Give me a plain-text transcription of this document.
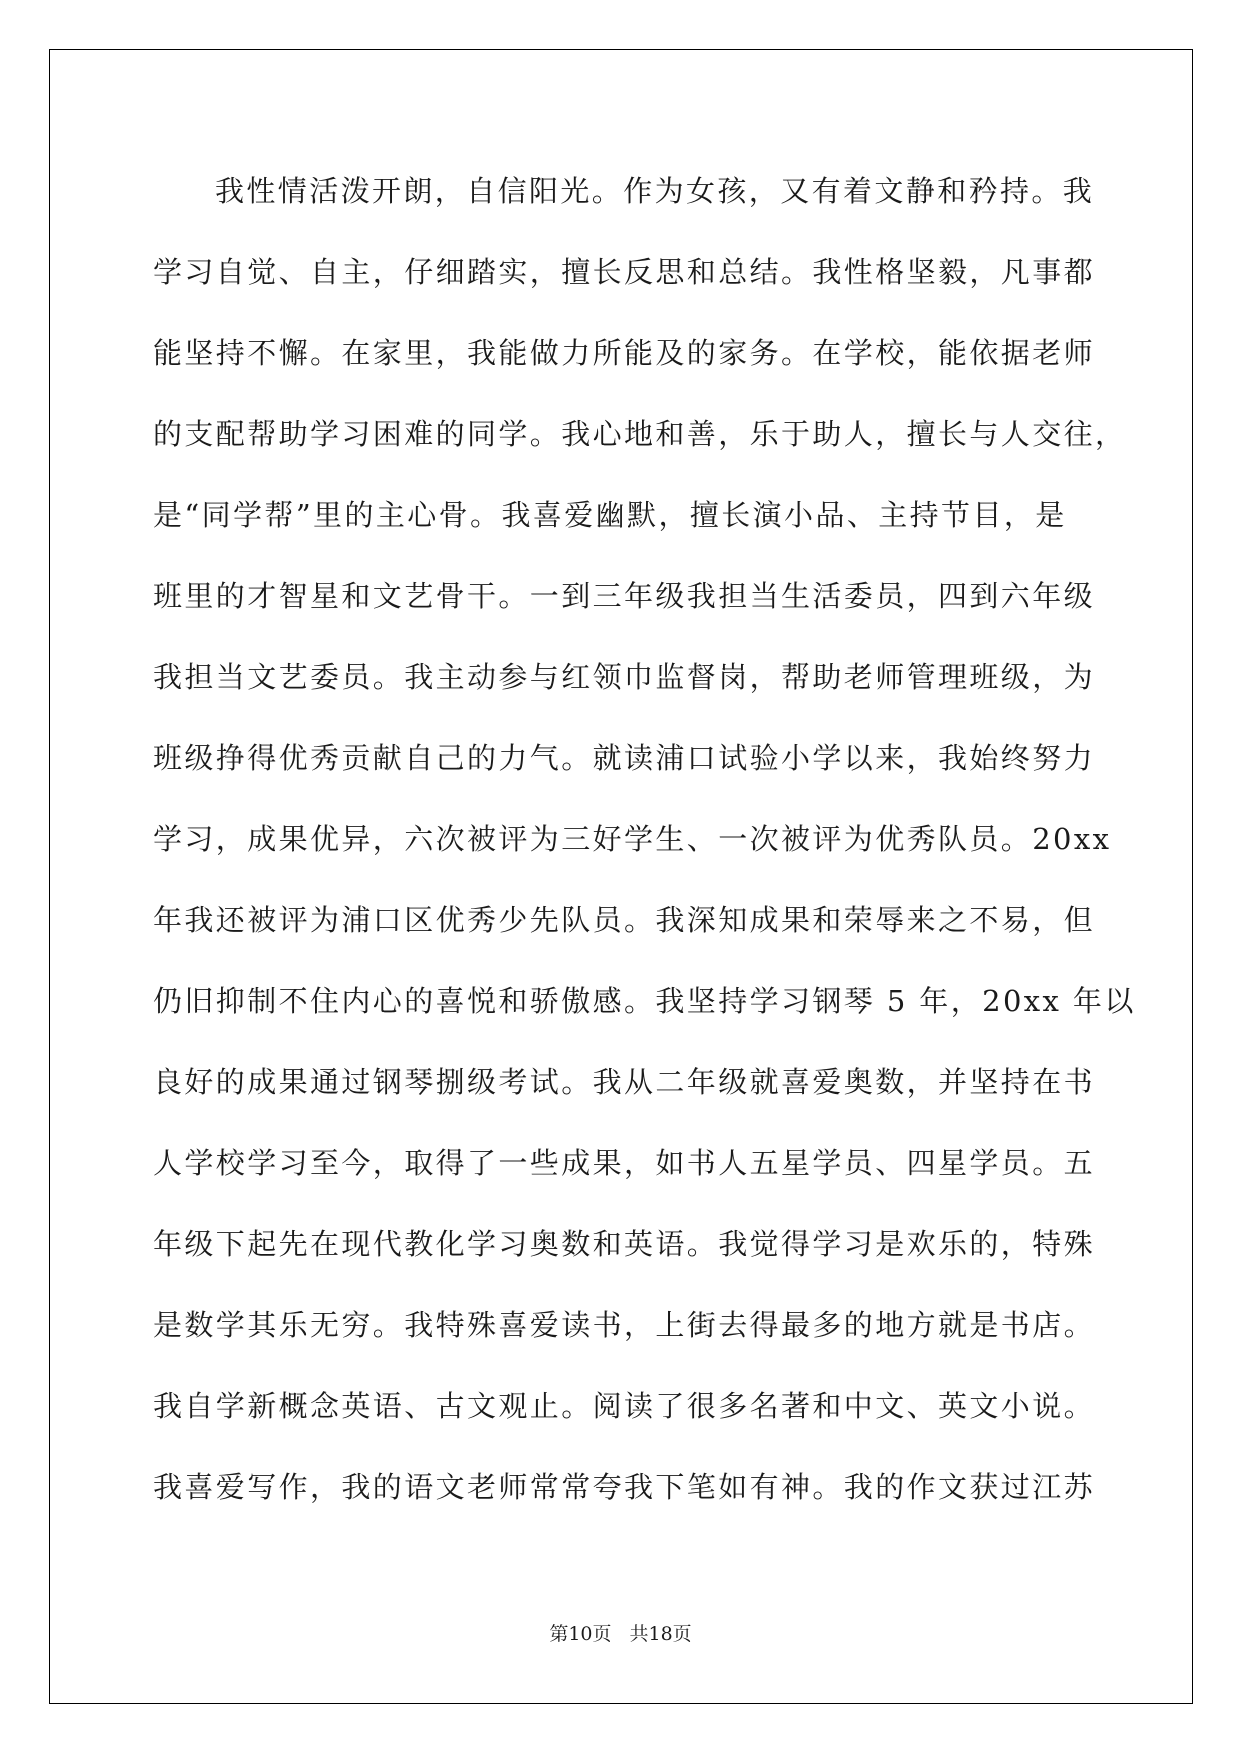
我性情活泼开朗，自信阳光。作为女孩，又有着文静和矜持。我
学习自觉、自主，仔细踏实，擅长反思和总结。我性格坚毅，凡事都
能坚持不懈。在家里，我能做力所能及的家务。在学校，能依据老师
的支配帮助学习困难的同学。我心地和善，乐于助人，擅长与人交往，
是“同学帮”里的主心骨。我喜爱幽默，擅长演小品、主持节目，是
班里的才智星和文艺骨干。一到三年级我担当生活委员，四到六年级
我担当文艺委员。我主动参与红领巾监督岗，帮助老师管理班级，为
班级挣得优秀贡献自己的力气。就读浦口试验小学以来，我始终努力
学习，成果优异，六次被评为三好学生、一次被评为优秀队员。20xx
年我还被评为浦口区优秀少先队员。我深知成果和荣辱来之不易，但
仍旧抑制不住内心的喜悦和骄傲感。我坚持学习钢琴 5 年，20xx 年以
良好的成果通过钢琴捌级考试。我从二年级就喜爱奥数，并坚持在书
人学校学习至今，取得了一些成果，如书人五星学员、四星学员。五
年级下起先在现代教化学习奥数和英语。我觉得学习是欢乐的，特殊
是数学其乐无穷。我特殊喜爱读书，上街去得最多的地方就是书店。
我自学新概念英语、古文观止。阅读了很多名著和中文、英文小说。
我喜爱写作，我的语文老师常常夸我下笔如有神。我的作文获过江苏
第10页 共18页
